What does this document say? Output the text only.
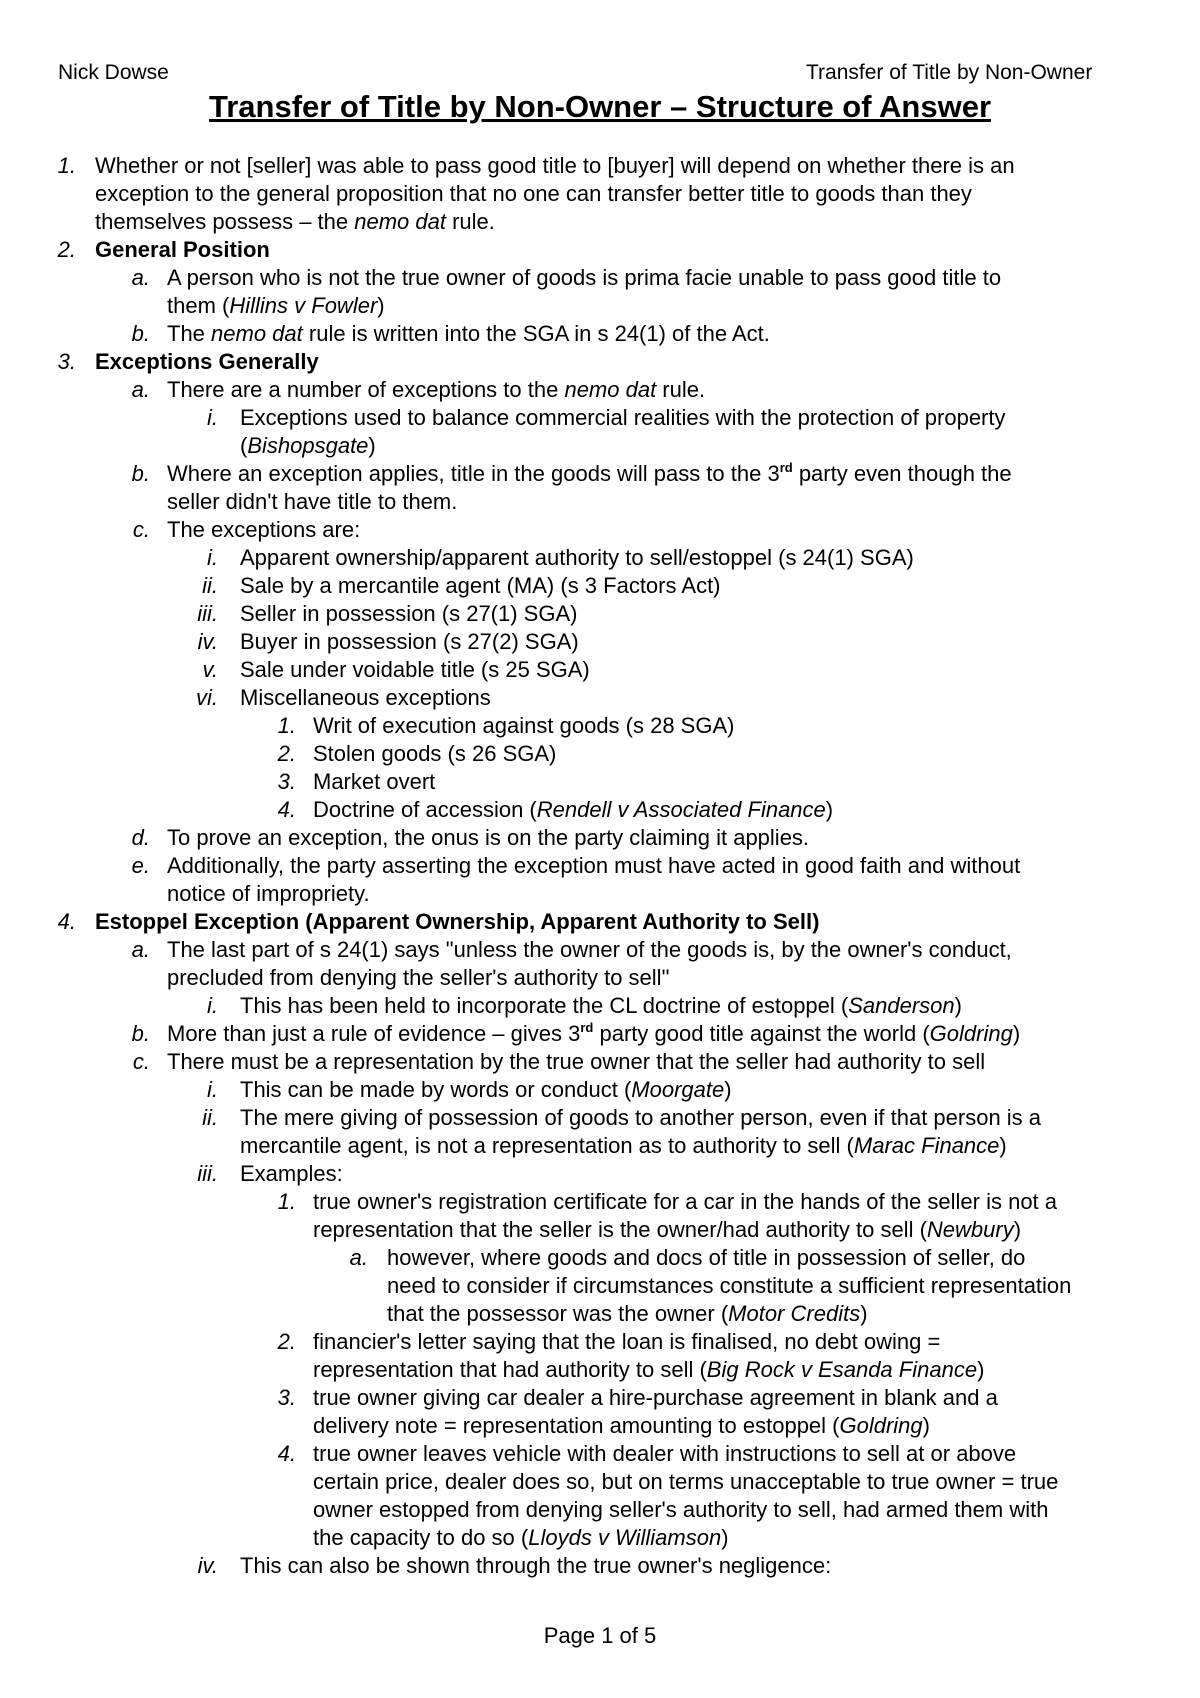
Nick Dowse	Transfer of Title by Non-Owner
Transfer of Title by Non-Owner – Structure of Answer
1. Whether or not [seller] was able to pass good title to [buyer] will depend on whether there is an
exception to the general proposition that no one can transfer better title to goods than they
themselves possess – the nemo dat rule.
2. General Position
a. A person who is not the true owner of goods is prima facie unable to pass good title to
them (Hillins v Fowler)
b. The nemo dat rule is written into the SGA in s 24(1) of the Act.
3. Exceptions Generally
a. There are a number of exceptions to the nemo dat rule.
i. Exceptions used to balance commercial realities with the protection of property
(Bishopsgate)
b. Where an exception applies, title in the goods will pass to the 3rd party even though the
seller didn't have title to them.
c. The exceptions are:
i. Apparent ownership/apparent authority to sell/estoppel (s 24(1) SGA)
ii. Sale by a mercantile agent (MA) (s 3 Factors Act)
iii. Seller in possession (s 27(1) SGA)
iv. Buyer in possession (s 27(2) SGA)
v. Sale under voidable title (s 25 SGA)
vi. Miscellaneous exceptions
1. Writ of execution against goods (s 28 SGA)
2. Stolen goods (s 26 SGA)
3. Market overt
4. Doctrine of accession (Rendell v Associated Finance)
d. To prove an exception, the onus is on the party claiming it applies.
e. Additionally, the party asserting the exception must have acted in good faith and without
notice of impropriety.
4. Estoppel Exception (Apparent Ownership, Apparent Authority to Sell)
a. The last part of s 24(1) says "unless the owner of the goods is, by the owner's conduct,
precluded from denying the seller's authority to sell"
i. This has been held to incorporate the CL doctrine of estoppel (Sanderson)
b. More than just a rule of evidence – gives 3rd party good title against the world (Goldring)
c. There must be a representation by the true owner that the seller had authority to sell
i. This can be made by words or conduct (Moorgate)
ii. The mere giving of possession of goods to another person, even if that person is a
mercantile agent, is not a representation as to authority to sell (Marac Finance)
iii. Examples:
1. true owner's registration certificate for a car in the hands of the seller is not a
representation that the seller is the owner/had authority to sell (Newbury)
a. however, where goods and docs of title in possession of seller, do
need to consider if circumstances constitute a sufficient representation
that the possessor was the owner (Motor Credits)
2. financier's letter saying that the loan is finalised, no debt owing =
representation that had authority to sell (Big Rock v Esanda Finance)
3. true owner giving car dealer a hire-purchase agreement in blank and a
delivery note = representation amounting to estoppel (Goldring)
4. true owner leaves vehicle with dealer with instructions to sell at or above
certain price, dealer does so, but on terms unacceptable to true owner = true
owner estopped from denying seller's authority to sell, had armed them with
the capacity to do so (Lloyds v Williamson)
iv. This can also be shown through the true owner's negligence:
Page 1 of 5
